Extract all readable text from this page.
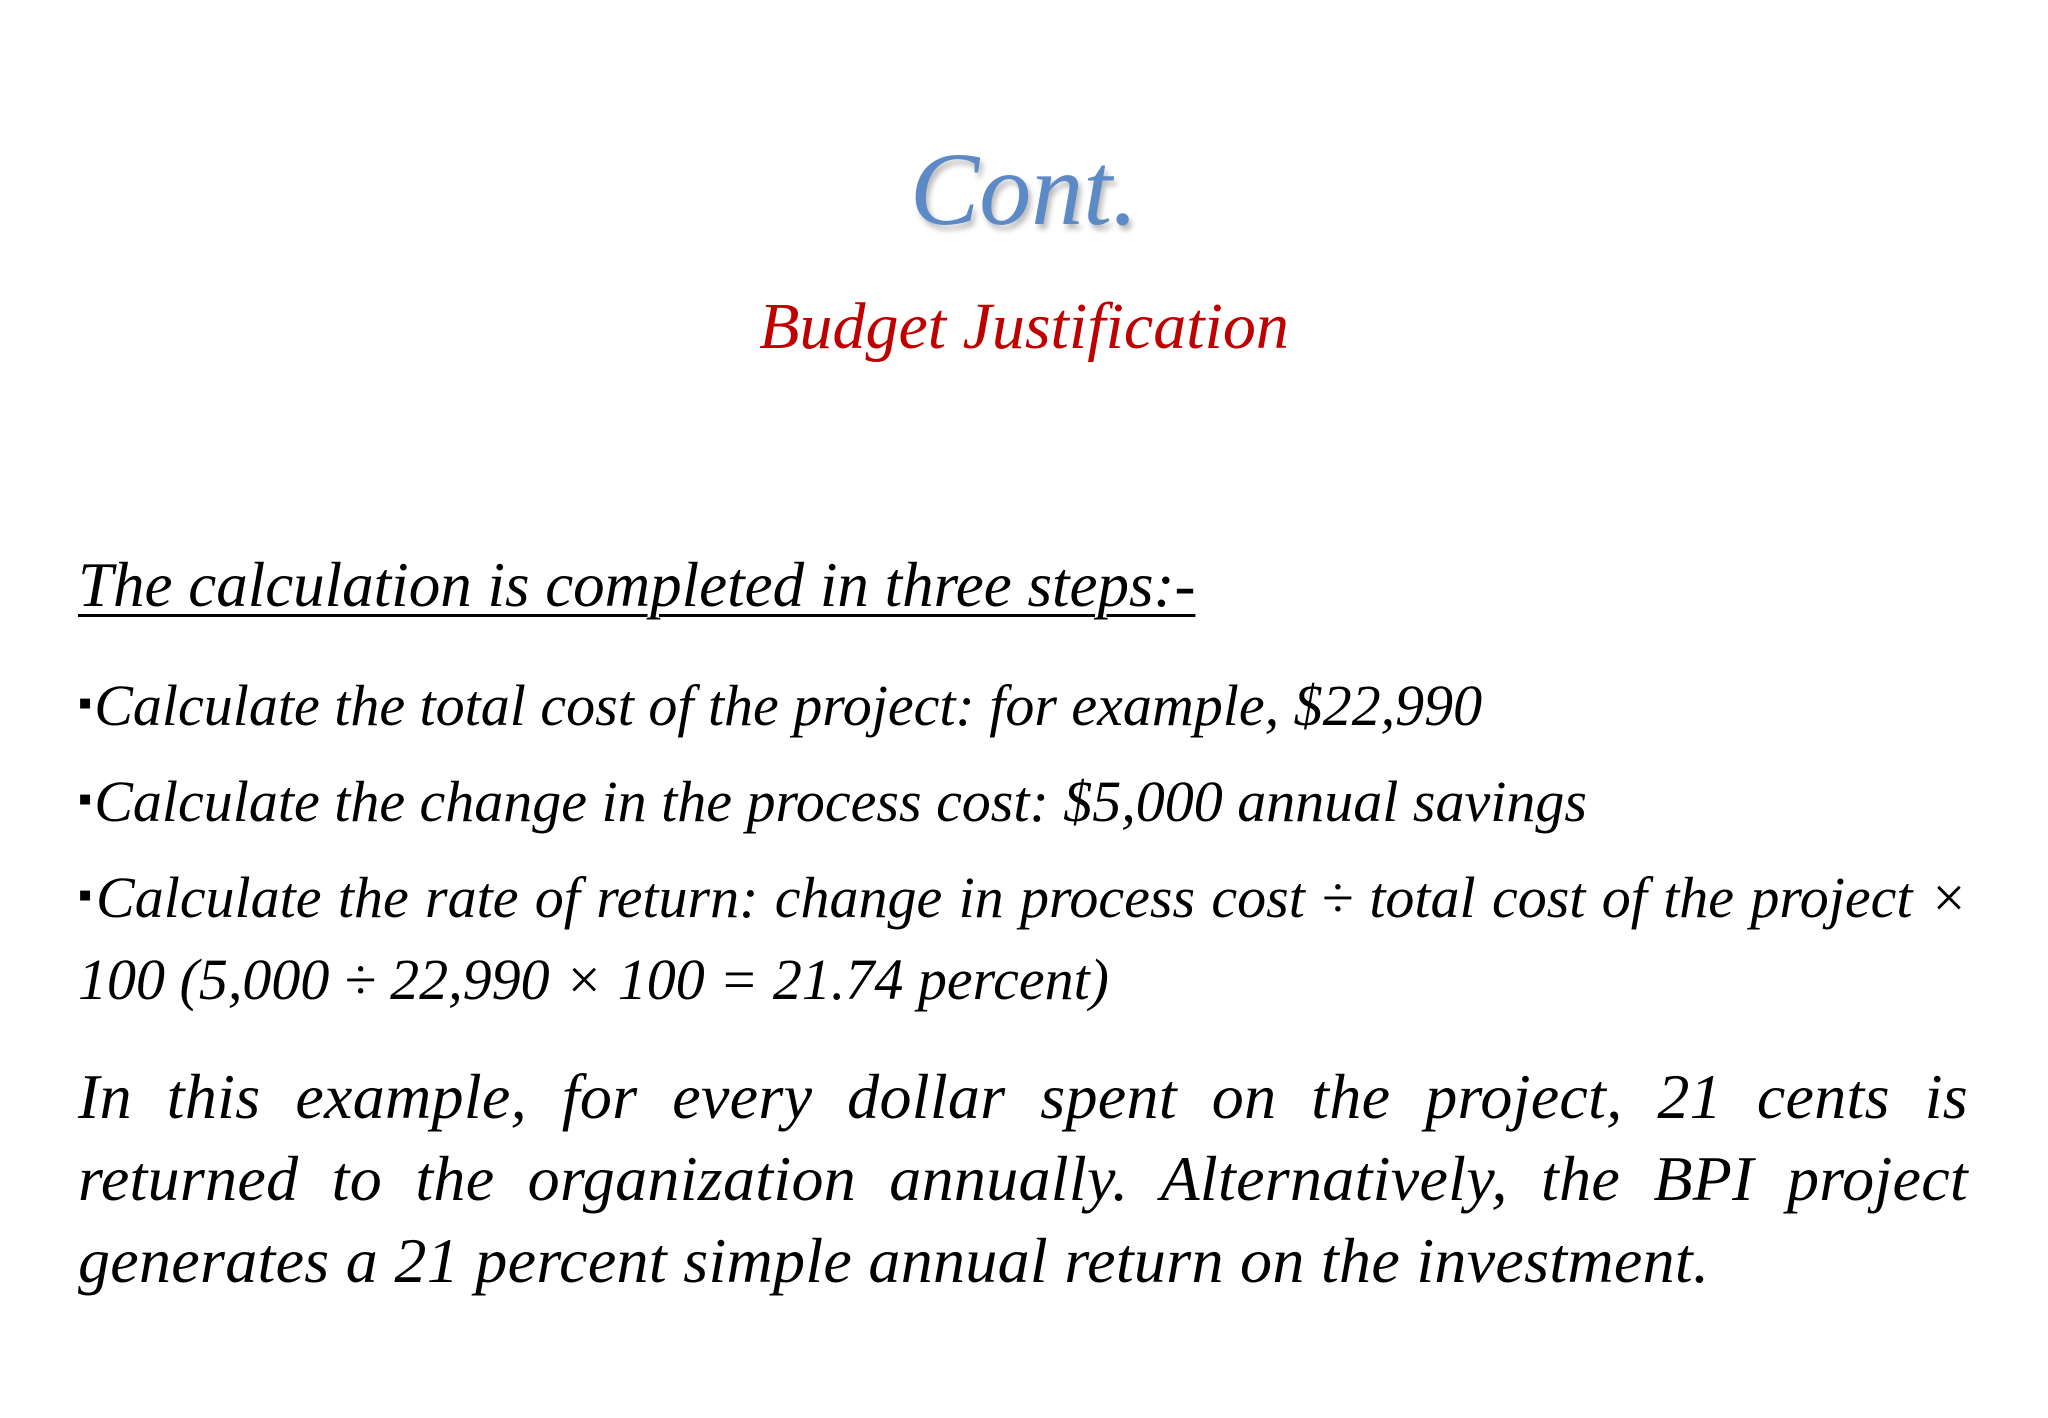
Cont.
Budget Justification
The calculation is completed in three steps:-
▪Calculate the total cost of the project: for example, $22,990
▪Calculate the change in the process cost: $5,000 annual savings
▪Calculate the rate of return: change in process cost ÷ total cost of the project × 100 (5,000 ÷ 22,990 × 100 = 21.74 percent)
In this example, for every dollar spent on the project, 21 cents is returned to the organization annually. Alternatively, the BPI project generates a 21 percent simple annual return on the investment.
